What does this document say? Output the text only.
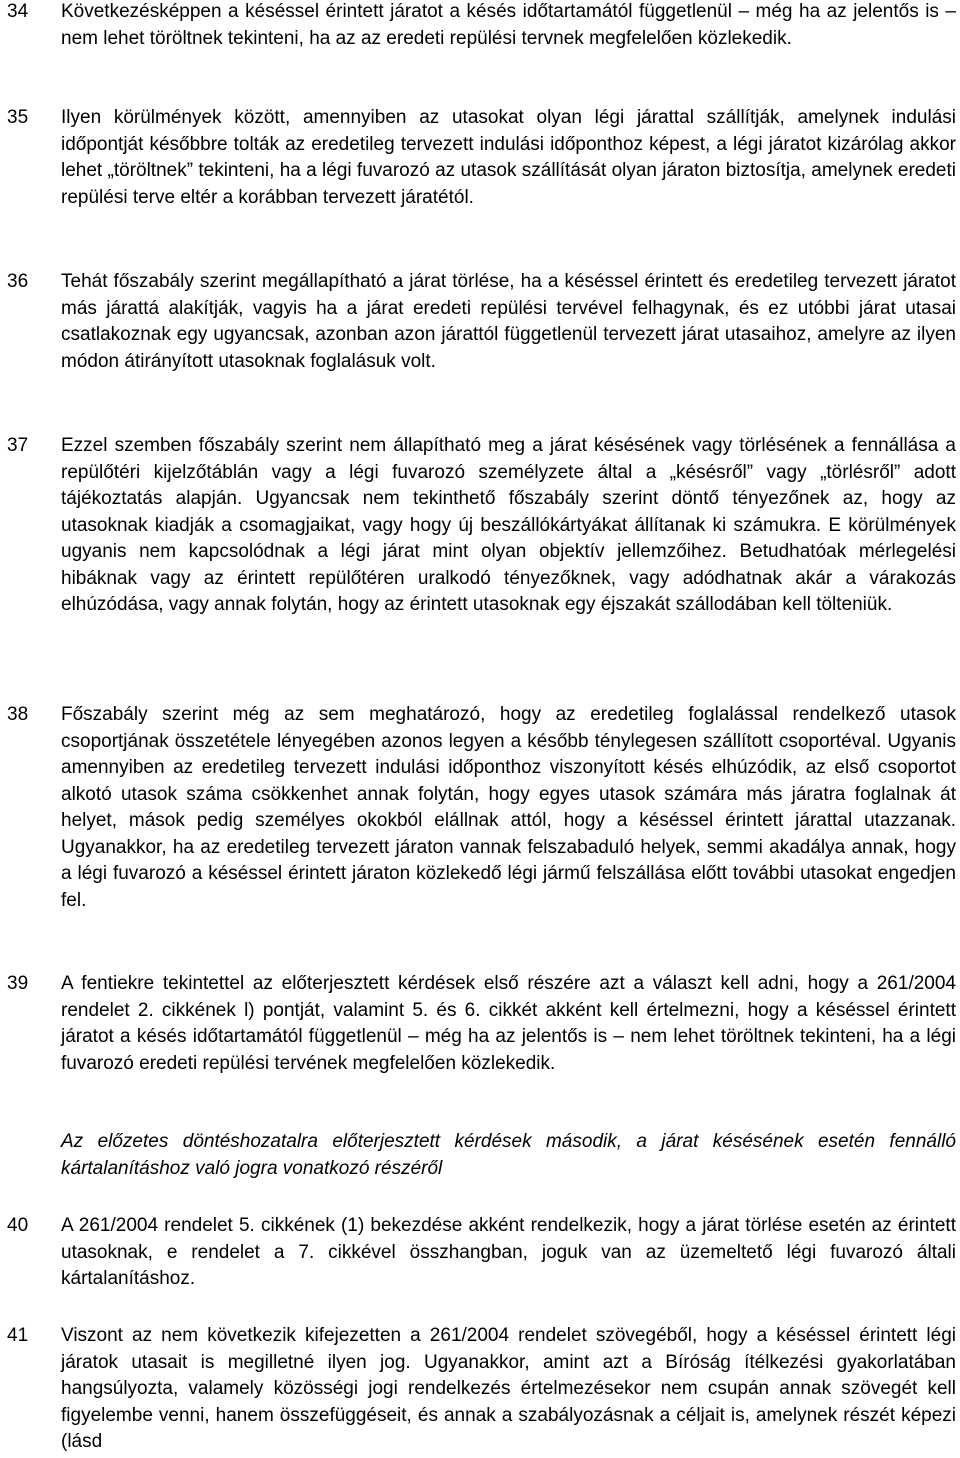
34 Következésképpen a késéssel érintett járatot a késés időtartamától függetlenül – még ha az jelentős is – nem lehet töröltnek tekinteni, ha az az eredeti repülési tervnek megfelelően közlekedik.

35 Ilyen körülmények között, amennyiben az utasokat olyan légi járattal szállítják, amelynek indulási időpontját későbbre tolták az eredetileg tervezett indulási időponthoz képest, a légi járatot kizárólag akkor lehet „töröltnek” tekinteni, ha a légi fuvarozó az utasok szállítását olyan járaton biztosítja, amelynek eredeti repülési terve eltér a korábban tervezett járatétól.

36 Tehát főszabály szerint megállapítható a járat törlése, ha a késéssel érintett és eredetileg tervezett járatot más járattá alakítják, vagyis ha a járat eredeti repülési tervével felhagynak, és ez utóbbi járat utasai csatlakoznak egy ugyancsak, azonban azon járattól függetlenül tervezett járat utasaihoz, amelyre az ilyen módon átirányított utasoknak foglalásuk volt.

37 Ezzel szemben főszabály szerint nem állapítható meg a járat késésének vagy törlésének a fennállása a repülőtéri kijelzőtáblán vagy a légi fuvarozó személyzete által a „késésről” vagy „törlésről” adott tájékoztatás alapján. Ugyancsak nem tekinthető főszabály szerint döntő tényezőnek az, hogy az utasoknak kiadják a csomagjaikat, vagy hogy új beszállókártyákat állítanak ki számukra. E körülmények ugyanis nem kapcsolódnak a légi járat mint olyan objektív jellemzőihez. Betudhatóak mérlegelési hibáknak vagy az érintett repülőtéren uralkodó tényezőknek, vagy adódhatnak akár a várakozás elhúzódása, vagy annak folytán, hogy az érintett utasoknak egy éjszakát szállodában kell tölteniük.

38 Főszabály szerint még az sem meghatározó, hogy az eredetileg foglalással rendelkező utasok csoportjának összetétele lényegében azonos legyen a később ténylegesen szállított csoportéval. Ugyanis amennyiben az eredetileg tervezett indulási időponthoz viszonyított késés elhúzódik, az első csoportot alkotó utasok száma csökkenhet annak folytán, hogy egyes utasok számára más járatra foglalnak át helyet, mások pedig személyes okokból elállnak attól, hogy a késéssel érintett járattal utazzanak. Ugyanakkor, ha az eredetileg tervezett járaton vannak felszabaduló helyek, semmi akadálya annak, hogy a légi fuvarozó a késéssel érintett járaton közlekedő légi jármű felszállása előtt további utasokat engedjen fel.

39 A fentiekre tekintettel az előterjesztett kérdések első részére azt a választ kell adni, hogy a 261/2004 rendelet 2. cikkének l) pontját, valamint 5. és 6. cikkét akként kell értelmezni, hogy a késéssel érintett járatot a késés időtartamától függetlenül – még ha az jelentős is – nem lehet töröltnek tekinteni, ha a légi fuvarozó eredeti repülési tervének megfelelően közlekedik.

Az előzetes döntéshozatalra előterjesztett kérdések második, a járat késésének esetén fennálló kártalanításhoz való jogra vonatkozó részéről

40 A 261/2004 rendelet 5. cikkének (1) bekezdése akként rendelkezik, hogy a járat törlése esetén az érintett utasoknak, e rendelet a 7. cikkével összhangban, joguk van az üzemeltető légi fuvarozó általi kártalanításhoz.

41 Viszont az nem következik kifejezetten a 261/2004 rendelet szövegéből, hogy a késéssel érintett légi járatok utasait is megilletné ilyen jog. Ugyanakkor, amint azt a Bíróság ítélkezési gyakorlatában hangsúlyozta, valamely közösségi jogi rendelkezés értelmezésekor nem csupán annak szövegét kell figyelembe venni, hanem összefüggéseit, és annak a szabályozásnak a céljait is, amelynek részét képezi (lásd
